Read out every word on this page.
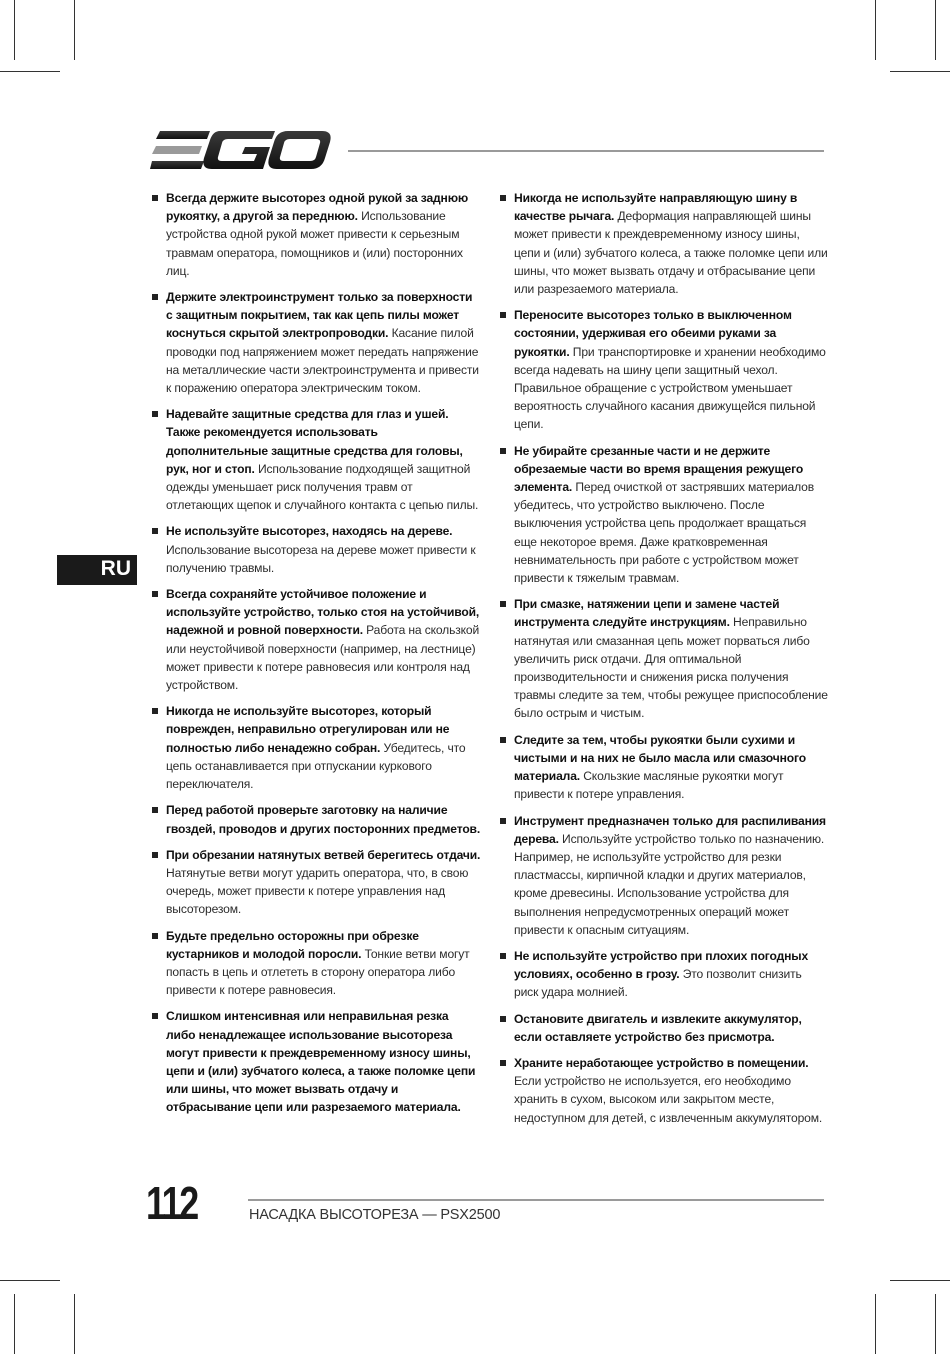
RU
Всегда держите высоторез одной рукой за заднюю рукоятку, а другой за переднюю. Использование устройства одной рукой может привести к серьезным травмам оператора, помощников и (или) посторонних лиц.
Держите электроинструмент только за поверхности с защитным покрытием, так как цепь пилы может коснуться скрытой электропроводки. Касание пилой проводки под напряжением может передать напряжение на металлические части электроинструмента и привести к поражению оператора электрическим током.
Надевайте защитные средства для глаз и ушей. Также рекомендуется использовать дополнительные защитные средства для головы, рук, ног и стоп. Использование подходящей защитной одежды уменьшает риск получения травм от отлетающих щепок и случайного контакта с цепью пилы.
Не используйте высоторез, находясь на дереве. Использование высотореза на дереве может привести к получению травмы.
Всегда сохраняйте устойчивое положение и используйте устройство, только стоя на устойчивой, надежной и ровной поверхности. Работа на скользкой или неустойчивой поверхности (например, на лестнице) может привести к потере равновесия или контроля над устройством.
Никогда не используйте высоторез, который поврежден, неправильно отрегулирован или не полностью либо ненадежно собран. Убедитесь, что цепь останавливается при отпускании куркового переключателя.
Перед работой проверьте заготовку на наличие гвоздей, проводов и других посторонних предметов.
При обрезании натянутых ветвей берегитесь отдачи. Натянутые ветви могут ударить оператора, что, в свою очередь, может привести к потере управления над высоторезом.
Будьте предельно осторожны при обрезке кустарников и молодой поросли. Тонкие ветви могут попасть в цепь и отлететь в сторону оператора либо привести к потере равновесия.
Слишком интенсивная или неправильная резка либо ненадлежащее использование высотореза могут привести к преждевременному износу шины, цепи и (или) зубчатого колеса, а также поломке цепи или шины, что может вызвать отдачу и отбрасывание цепи или разрезаемого материала.
Никогда не используйте направляющую шину в качестве рычага. Деформация направляющей шины может привести к преждевременному износу шины, цепи и (или) зубчатого колеса, а также поломке цепи или шины, что может вызвать отдачу и отбрасывание цепи или разрезаемого материала.
Переносите высоторез только в выключенном состоянии, удерживая его обеими руками за рукоятки. При транспортировке и хранении необходимо всегда надевать на шину цепи защитный чехол. Правильное обращение с устройством уменьшает вероятность случайного касания движущейся пильной цепи.
Не убирайте срезанные части и не держите обрезаемые части во время вращения режущего элемента. Перед очисткой от застрявших материалов убедитесь, что устройство выключено. После выключения устройства цепь продолжает вращаться еще некоторое время. Даже кратковременная невнимательность при работе с устройством может привести к тяжелым травмам.
При смазке, натяжении цепи и замене частей инструмента следуйте инструкциям. Неправильно натянутая или смазанная цепь может порваться либо увеличить риск отдачи. Для оптимальной производительности и снижения риска получения травмы следите за тем, чтобы режущее приспособление было острым и чистым.
Следите за тем, чтобы рукоятки были сухими и чистыми и на них не было масла или смазочного материала. Скользкие масляные рукоятки могут привести к потере управления.
Инструмент предназначен только для распиливания дерева. Используйте устройство только по назначению. Например, не используйте устройство для резки пластмассы, кирпичной кладки и других материалов, кроме древесины. Использование устройства для выполнения непредусмотренных операций может привести к опасным ситуациям.
Не используйте устройство при плохих погодных условиях, особенно в грозу. Это позволит снизить риск удара молнией.
Остановите двигатель и извлеките аккумулятор, если оставляете устройство без присмотра.
Храните неработающее устройство в помещении. Если устройство не используется, его необходимо хранить в сухом, высоком или закрытом месте, недоступном для детей, с извлеченным аккумулятором.
112	НАСАДКА ВЫСОТОРЕЗА — PSX2500
